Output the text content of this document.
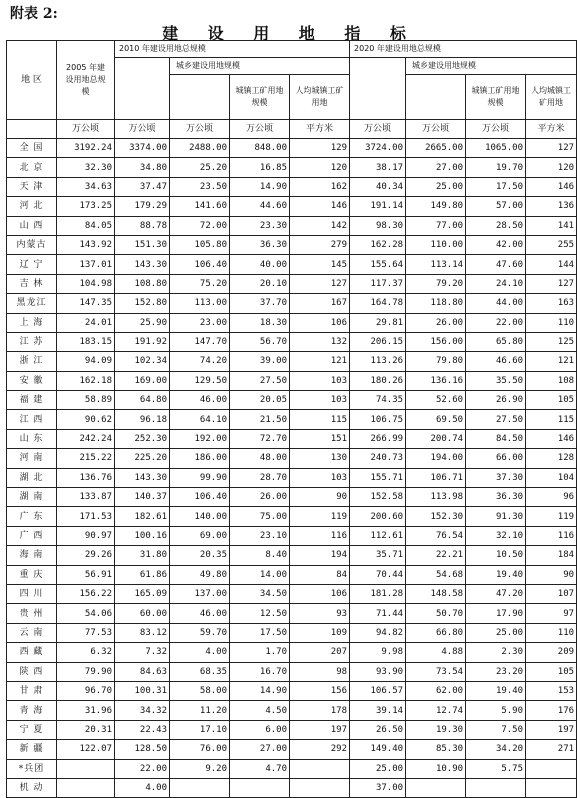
附表 2:
建 设 用 地 指 标
地 区	2005 年建设用地总规模	2010 年建设用地总规模				2020 年建设用地总规模			
			城乡建设用地规模				城乡建设用地规模		
				城镇工矿用地规模	人均城镇工矿用地			城镇工矿用地规模	人均城镇工矿用地
	万公顷	万公顷	万公顷	万公顷	平方米	万公顷	万公顷	万公顷	平方米
全 国	3192.24	3374.00	2488.00	848.00	129	3724.00	2665.00	1065.00	127
北 京	32.30	34.80	25.20	16.85	120	38.17	27.00	19.70	120
天 津	34.63	37.47	23.50	14.90	162	40.34	25.00	17.50	146
河 北	173.25	179.29	141.60	44.60	146	191.14	149.80	57.00	136
山 西	84.05	88.78	72.00	23.30	142	98.30	77.00	28.50	141
内蒙古	143.92	151.30	105.80	36.30	279	162.28	110.00	42.00	255
辽 宁	137.01	143.30	106.40	40.00	145	155.64	113.14	47.60	144
吉 林	104.98	108.80	75.20	20.10	127	117.37	79.20	24.10	127
黑龙江	147.35	152.80	113.00	37.70	167	164.78	118.80	44.00	163
上 海	24.01	25.90	23.00	18.30	106	29.81	26.00	22.00	110
江 苏	183.15	191.92	147.70	56.70	132	206.15	156.00	65.80	125
浙 江	94.09	102.34	74.20	39.00	121	113.26	79.80	46.60	121
安 徽	162.18	169.00	129.50	27.50	103	180.26	136.16	35.50	108
福 建	58.89	64.80	46.00	20.05	103	74.35	52.60	26.90	105
江 西	90.62	96.18	64.10	21.50	115	106.75	69.50	27.50	115
山 东	242.24	252.30	192.00	72.70	151	266.99	200.74	84.50	146
河 南	215.22	225.20	186.00	48.00	130	240.73	194.00	66.00	128
湖 北	136.76	143.30	99.90	28.70	103	155.71	106.71	37.30	104
湖 南	133.87	140.37	106.40	26.00	90	152.58	113.98	36.30	96
广 东	171.53	182.61	140.00	75.00	119	200.60	152.30	91.30	119
广 西	90.97	100.16	69.00	23.10	116	112.61	76.54	32.10	116
海 南	29.26	31.80	20.35	8.40	194	35.71	22.21	10.50	184
重 庆	56.91	61.86	49.80	14.00	84	70.44	54.68	19.40	90
四 川	156.22	165.09	137.00	34.50	106	181.28	148.58	47.20	107
贵 州	54.06	60.00	46.00	12.50	93	71.44	50.70	17.90	97
云 南	77.53	83.12	59.70	17.50	109	94.82	66.80	25.00	110
西 藏	6.32	7.32	4.00	1.70	207	9.98	4.88	2.30	209
陕 西	79.90	84.63	68.35	16.70	98	93.90	73.54	23.20	105
甘 肃	96.70	100.31	58.00	14.90	156	106.57	62.00	19.40	153
青 海	31.96	34.32	11.20	4.50	178	39.14	12.74	5.90	176
宁 夏	20.31	22.43	17.10	6.00	197	26.50	19.30	7.50	197
新 疆	122.07	128.50	76.00	27.00	292	149.40	85.30	34.20	271
*兵团		22.00	9.20	4.70		25.00	10.90	5.75	
机 动		4.00				37.00			
